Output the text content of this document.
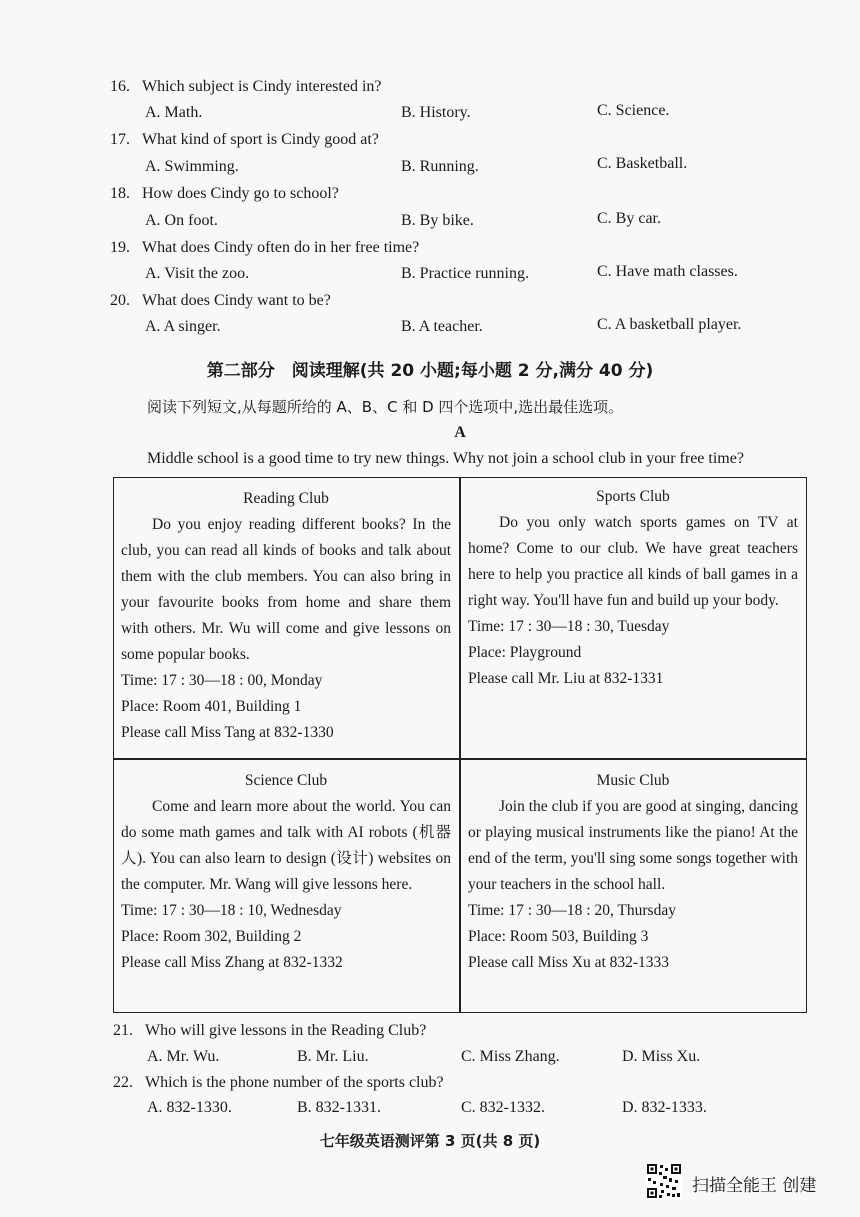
16. Which subject is Cindy interested in?
A. Math.	B. History.	C. Science.
17. What kind of sport is Cindy good at?
A. Swimming.	B. Running.	C. Basketball.
18. How does Cindy go to school?
A. On foot.	B. By bike.	C. By car.
19. What does Cindy often do in her free time?
A. Visit the zoo.	B. Practice running.	C. Have math classes.
20. What does Cindy want to be?
A. A singer.	B. A teacher.	C. A basketball player.
第二部分　阅读理解(共 20 小题;每小题 2 分,满分 40 分)
阅读下列短文,从每题所给的 A、B、C 和 D 四个选项中,选出最佳选项。
A
Middle school is a good time to try new things. Why not join a school club in your free time?

Reading Club

Do you enjoy reading different books? In the club, you can read all kinds of books and talk about them with the club members. You can also bring in your favourite books from home and share them with others. Mr. Wu will come and give lessons on some popular books.

Time: 17 : 30—18 : 00, Monday

Place: Room 401, Building 1

Please call Miss Tang at 832-1330

Sports Club

Do you only watch sports games on TV at home? Come to our club. We have great teachers here to help you practice all kinds of ball games in a right way. You'll have fun and build up your body.

Time: 17 : 30—18 : 30, Tuesday

Place: Playground

Please call Mr. Liu at 832-1331

Science Club

Come and learn more about the world. You can do some math games and talk with AI robots (机器人). You can also learn to design (设计) websites on the computer. Mr. Wang will give lessons here.

Time: 17 : 30—18 : 10, Wednesday

Place: Room 302, Building 2

Please call Miss Zhang at 832-1332

Music Club

Join the club if you are good at singing, dancing or playing musical instruments like the piano! At the end of the term, you'll sing some songs together with your teachers in the school hall.

Time: 17 : 30—18 : 20, Thursday

Place: Room 503, Building 3

Please call Miss Xu at 832-1333

21. Who will give lessons in the Reading Club?
A. Mr. Wu.	B. Mr. Liu.	C. Miss Zhang.	D. Miss Xu.
22. Which is the phone number of the sports club?
A. 832-1330.	B. 832-1331.	C. 832-1332.	D. 832-1333.
七年级英语测评第 3 页(共 8 页)
扫描全能王 创建
